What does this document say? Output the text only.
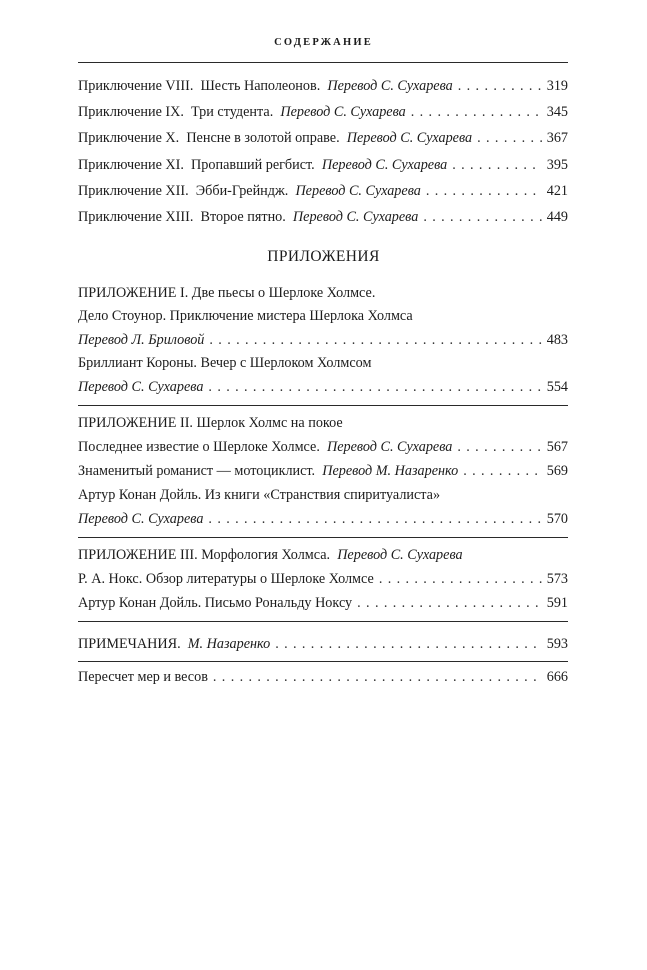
СОДЕРЖАНИЕ
Приключение VIII. Шесть Наполеонов. Перевод С. Сухарева . . .	319
Приключение IX. Три студента. Перевод С. Сухарева . . .	345
Приключение X. Пенсне в золотой оправе. Перевод С. Сухарева . . .	367
Приключение XI. Пропавший регбист. Перевод С. Сухарева . . .	395
Приключение XII. Эбби-Грейндж. Перевод С. Сухарева . . .	421
Приключение XIII. Второе пятно. Перевод С. Сухарева . . .	449
ПРИЛОЖЕНИЯ
ПРИЛОЖЕНИЕ I. Две пьесы о Шерлоке Холмсе.
Дело Стоунор. Приключение мистера Шерлока Холмса
Перевод Л. Бриловой . . .	483
Бриллиант Короны. Вечер с Шерлоком Холмсом
Перевод С. Сухарева . . .	554
ПРИЛОЖЕНИЕ II. Шерлок Холмс на покое
Последнее известие о Шерлоке Холмсе. Перевод С. Сухарева . . .	567
Знаменитый романист — мотоциклист. Перевод М. Назаренко . . .	569
Артур Конан Дойль. Из книги «Странствия спиритуалиста»
Перевод С. Сухарева . . .	570
ПРИЛОЖЕНИЕ III. Морфология Холмса. Перевод С. Сухарева
Р. А. Нокс. Обзор литературы о Шерлоке Холмсе . . .	573
Артур Конан Дойль. Письмо Рональду Ноксу . . .	591
ПРИМЕЧАНИЯ. М. Назаренко . . .	593
Пересчет мер и весов . . .	666
